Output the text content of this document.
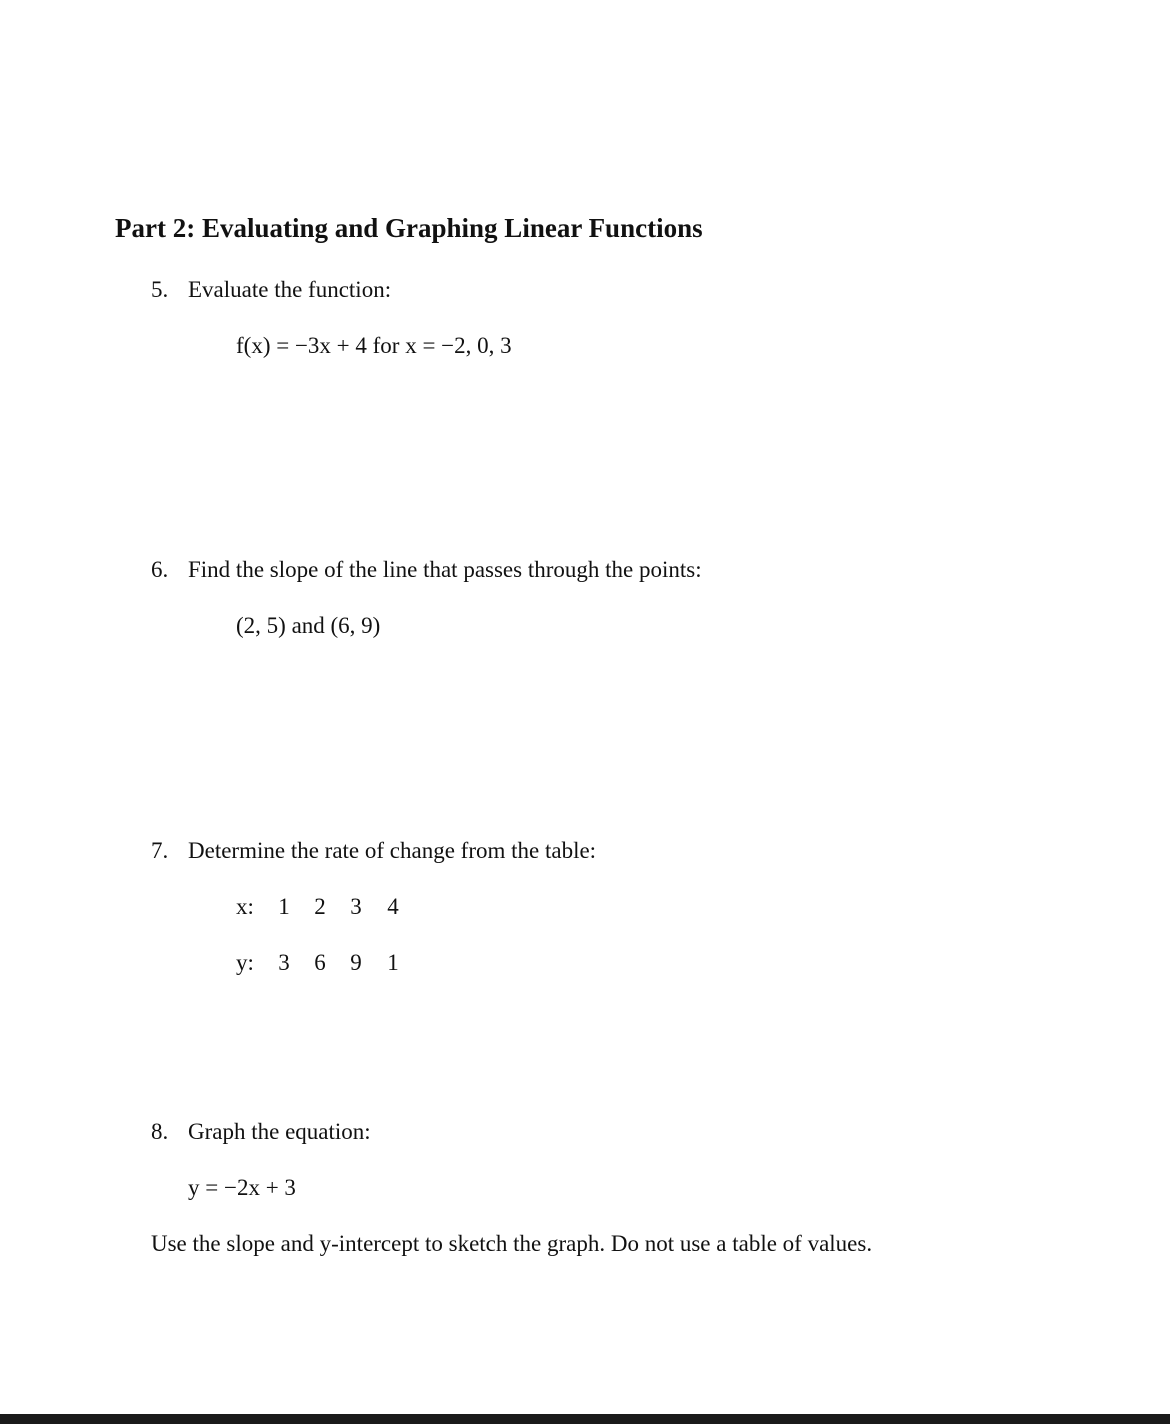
Part 2: Evaluating and Graphing Linear Functions
5. Evaluate the function:
f(x) = −3x + 4 for x = −2, 0, 3
6. Find the slope of the line that passes through the points:
(2, 5) and (6, 9)
7. Determine the rate of change from the table:
x: 1 2 3 4
y: 3 6 9 1
8. Graph the equation:
y = −2x + 3
Use the slope and y-intercept to sketch the graph. Do not use a table of values.
